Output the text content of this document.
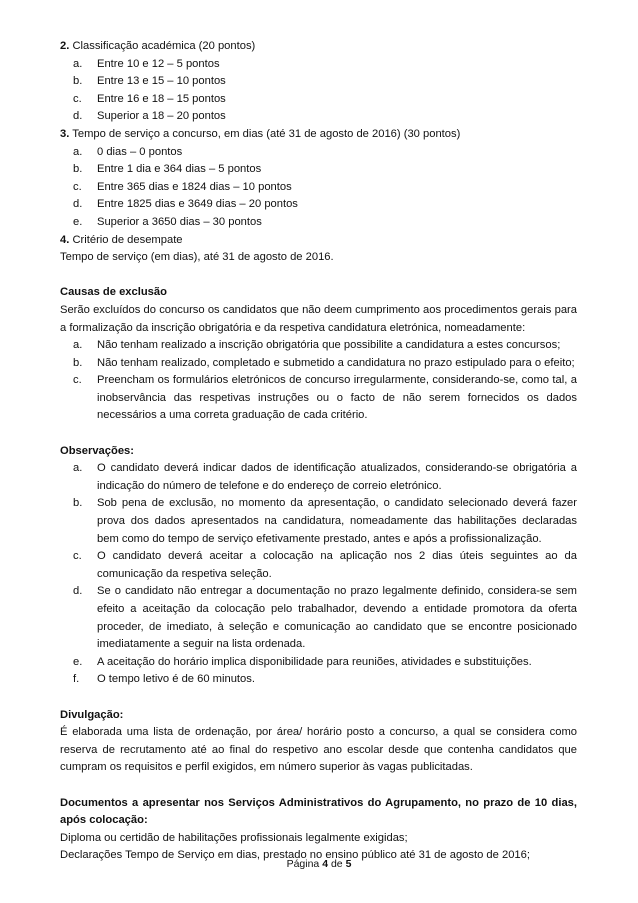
2. Classificação académica (20 pontos)
a.	Entre 10 e 12 – 5 pontos
b.	Entre 13 e 15 – 10 pontos
c.	Entre 16 e 18 – 15 pontos
d.	Superior a 18 – 20 pontos
3. Tempo de serviço a concurso, em dias (até 31 de agosto de 2016) (30 pontos)
a.	0 dias – 0 pontos
b.	Entre 1 dia e 364 dias – 5 pontos
c.	Entre 365 dias e 1824 dias – 10 pontos
d.	Entre 1825 dias e 3649 dias – 20 pontos
e.	Superior a 3650 dias – 30 pontos
4. Critério de desempate
Tempo de serviço (em dias), até 31 de agosto de 2016.
Causas de exclusão
Serão excluídos do concurso os candidatos que não deem cumprimento aos procedimentos gerais para a formalização da inscrição obrigatória e da respetiva candidatura eletrónica, nomeadamente:
a.	Não tenham realizado a inscrição obrigatória que possibilite a candidatura a estes concursos;
b.	Não tenham realizado, completado e submetido a candidatura no prazo estipulado para o efeito;
c.	Preencham os formulários eletrónicos de concurso irregularmente, considerando-se, como tal, a inobservância das respetivas instruções ou o facto de não serem fornecidos os dados necessários a uma correta graduação de cada critério.
Observações:
a.	O candidato deverá indicar dados de identificação atualizados, considerando-se obrigatória a indicação do número de telefone e do endereço de correio eletrónico.
b.	Sob pena de exclusão, no momento da apresentação, o candidato selecionado deverá fazer prova dos dados apresentados na candidatura, nomeadamente das habilitações declaradas bem como do tempo de serviço efetivamente prestado, antes e após a profissionalização.
c.	O candidato deverá aceitar a colocação na aplicação nos 2 dias úteis seguintes ao da comunicação da respetiva seleção.
d.	Se o candidato não entregar a documentação no prazo legalmente definido, considera-se sem efeito a aceitação da colocação pelo trabalhador, devendo a entidade promotora da oferta proceder, de imediato, à seleção e comunicação ao candidato que se encontre posicionado imediatamente a seguir na lista ordenada.
e.	A aceitação do horário implica disponibilidade para reuniões, atividades e substituições.
f.	O tempo letivo é de 60 minutos.
Divulgação:
É elaborada uma lista de ordenação, por área/ horário posto a concurso, a qual se considera como reserva de recrutamento até ao final do respetivo ano escolar desde que contenha candidatos que cumpram os requisitos e perfil exigidos, em número superior às vagas publicitadas.
Documentos a apresentar nos Serviços Administrativos do Agrupamento, no prazo de 10 dias, após colocação:
Diploma ou certidão de habilitações profissionais legalmente exigidas;
Declarações Tempo de Serviço em dias, prestado no ensino público até 31 de agosto de 2016;
Página 4 de 5
